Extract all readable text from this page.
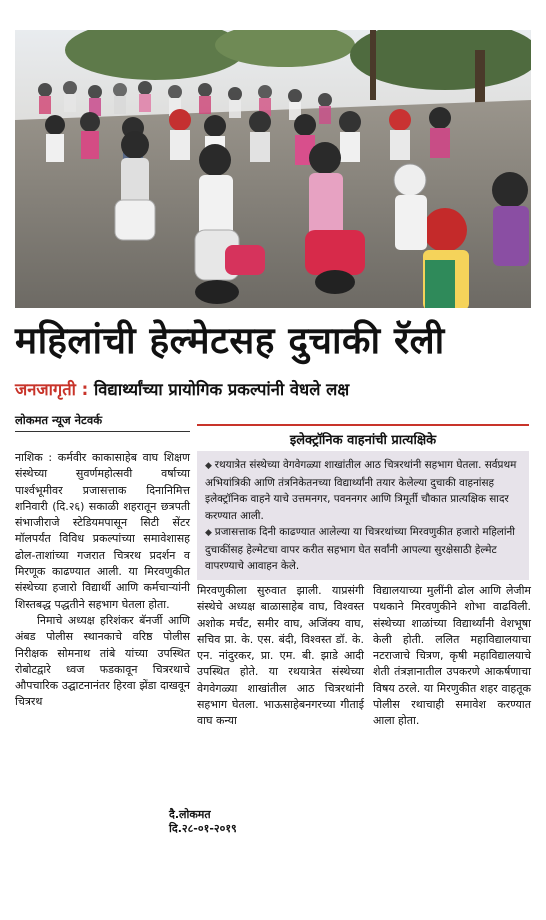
महिलांची हेल्मेटसह दुचाकी रॅली
जनजागृती : विद्यार्थ्यांच्या प्रायोगिक प्रकल्पांनी वेधले लक्ष
लोकमत न्यूज नेटवर्क
इलेक्ट्रॉनिक वाहनांची प्रात्यक्षिके

◆ रथयात्रेत संस्थेच्या वेगवेगळ्या शाखांतील आठ चित्ररथांनी सहभाग घेतला. सर्वप्रथम अभियांत्रिकी आणि तंत्रनिकेतनच्या विद्यार्थ्यांनी तयार केलेल्या दुचाकी वाहनांसह इलेक्ट्रॉनिक वाहने याचे उत्तमनगर, पवननगर आणि त्रिमूर्ती चौकात प्रात्यक्षिक सादर करण्यात आली.

◆ प्रजासत्ताक दिनी काढण्यात आलेल्या या चित्ररथांच्या मिरवणुकीत हजारो महिलांनी दुचाकींसह हेल्मेटचा वापर करीत सहभाग घेत सर्वांनी आपल्या सुरक्षेसाठी हेल्मेट वापरण्याचे आवाहन केले.

नाशिक : कर्मवीर काकासाहेब वाघ शिक्षण संस्थेच्या सुवर्णमहोत्सवी वर्षाच्या पार्श्वभूमीवर प्रजासत्ताक दिनानिमित्त शनिवारी (दि.२६) सकाळी शहरातून छत्रपती संभाजीराजे स्टेडियमपासून सिटी सेंटर मॉलपर्यंत विविध प्रकल्पांच्या समावेशासह ढोल-ताशांच्या गजरात चित्ररथ प्रदर्शन व मिरणूक काढण्यात आली. या मिरवणुकीत संस्थेच्या हजारो विद्यार्थी आणि कर्मचाऱ्यांनी शिस्तबद्ध पद्धतीने सहभाग घेतला होता.

निमाचे अध्यक्ष हरिशंकर बॅनर्जी आणि अंबड पोलीस स्थानकाचे वरिष्ठ पोलीस निरीक्षक सोमनाथ तांबे यांच्या उपस्थित रोबोटद्वारे ध्वज फडकावून चित्ररथाचे औपचारिक उद्घाटनानंतर हिरवा झेंडा दाखवून चित्ररथ

मिरवणुकीला सुरुवात झाली. याप्रसंगी संस्थेचे अध्यक्ष बाळासाहेब वाघ, विश्वस्त अशोक मर्चंट, समीर वाघ, अजिंक्य वाघ, सचिव प्रा. के. एस. बंदी, विश्वस्त डॉ. के. एन. नांदुरकर, प्रा. एम. बी. झाडे आदी उपस्थित होते. या रथयात्रेत संस्थेच्या वेगवेगळ्या शाखांतील आठ चित्ररथांनी सहभाग घेतला. भाऊसाहेबनगरच्या गीताई वाघ कन्या

विद्यालयाच्या मुलींनी ढोल आणि लेजीम पथकाने मिरवणुकीने शोभा वाढविली. संस्थेच्या शाळांच्या विद्यार्थ्यांनी वेशभूषा केली होती. ललित महाविद्यालयाचा नटराजाचे चित्रण, कृषी महाविद्यालयाचे शेती तंत्रज्ञानातील उपकरणे आकर्षणाचा विषय ठरले. या मिरणुकीत शहर वाहतूक पोलीस रथाचाही समावेश करण्यात आला होता.

दै.लोकमत
दि.२८-०१-२०१९
